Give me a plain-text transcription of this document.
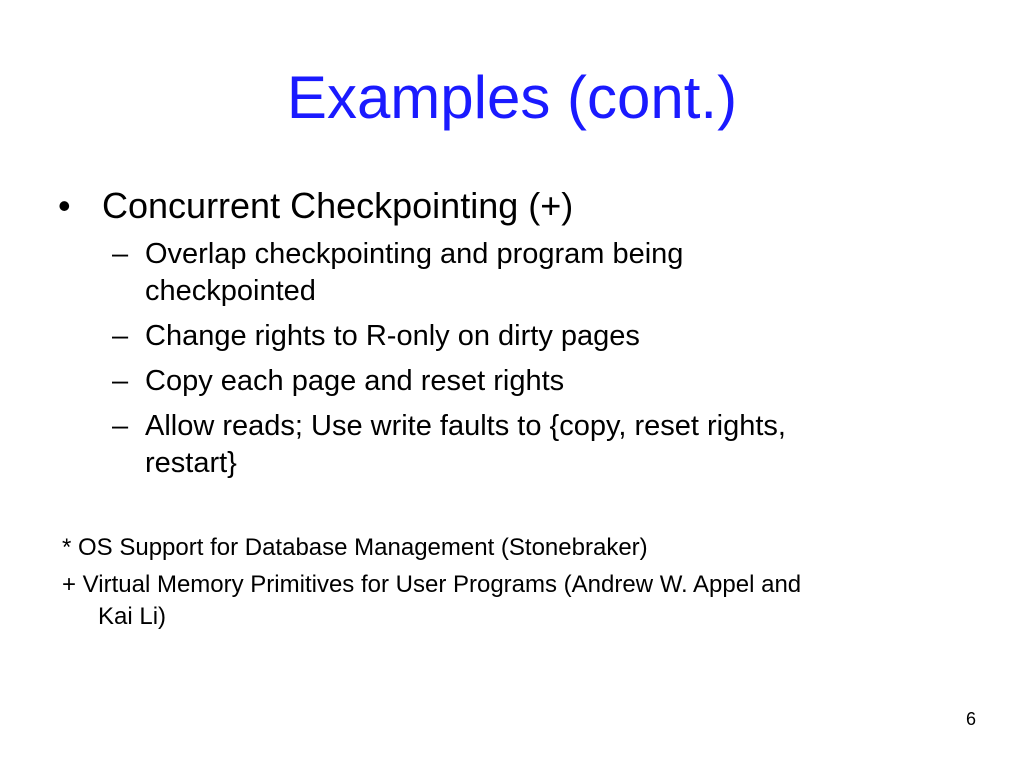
Examples (cont.)
• Concurrent Checkpointing (+)
– Overlap checkpointing and program being
checkpointed
– Change rights to R-only on dirty pages
– Copy each page and reset rights
– Allow reads; Use write faults to {copy, reset rights,
restart}
* OS Support for Database Management (Stonebraker)
+ Virtual Memory Primitives for User Programs (Andrew W. Appel and
Kai Li)
6
